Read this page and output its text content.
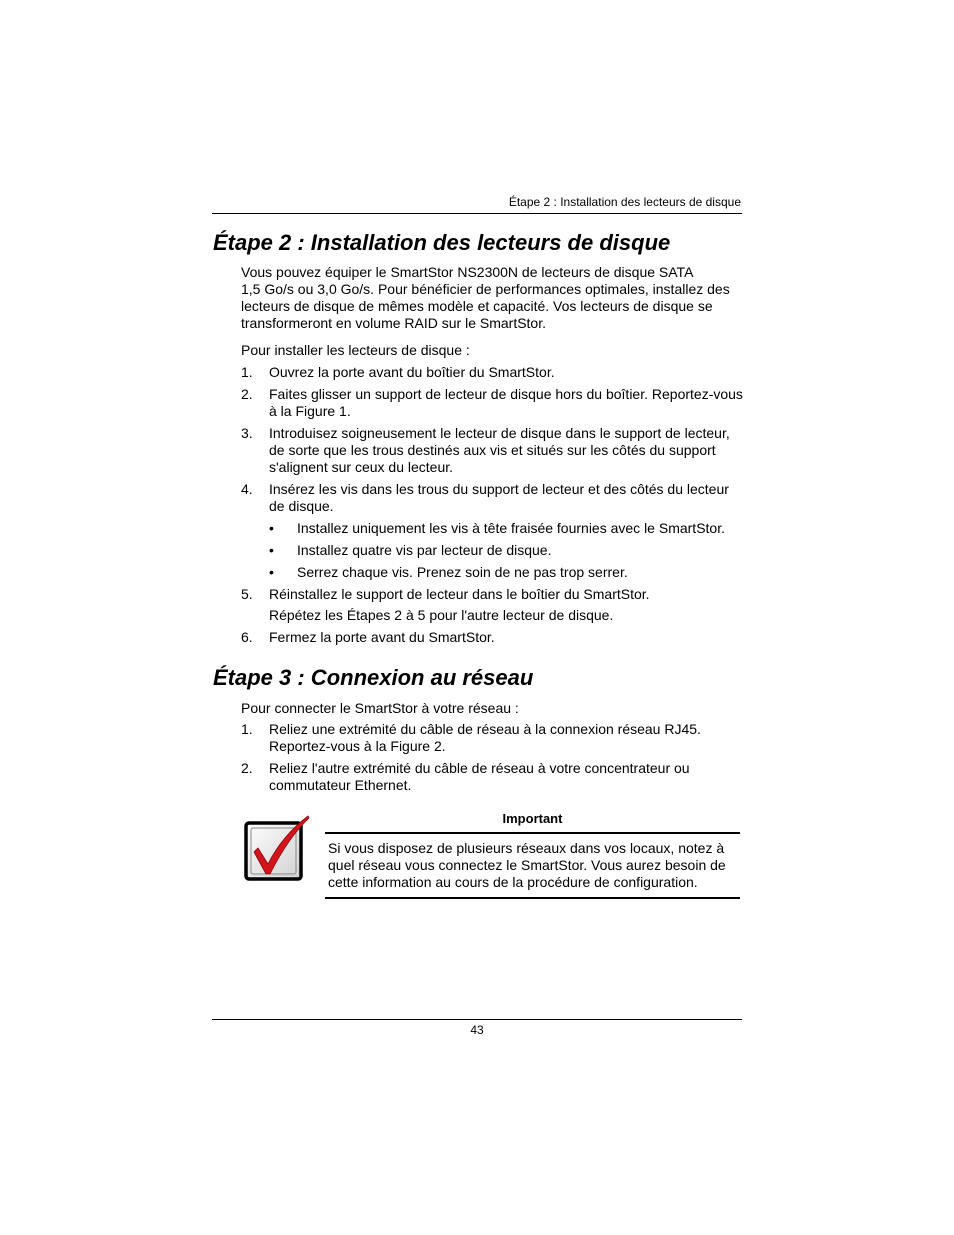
Étape 2 : Installation des lecteurs de disque
Étape 2 : Installation des lecteurs de disque
Vous pouvez équiper le SmartStor NS2300N de lecteurs de disque SATA
1,5 Go/s ou 3,0 Go/s. Pour bénéficier de performances optimales, installez des
lecteurs de disque de mêmes modèle et capacité. Vos lecteurs de disque se
transformeront en volume RAID sur le SmartStor.
Pour installer les lecteurs de disque :
1. Ouvrez la porte avant du boîtier du SmartStor.
2. Faites glisser un support de lecteur de disque hors du boîtier. Reportez-vous
à la Figure 1.
3. Introduisez soigneusement le lecteur de disque dans le support de lecteur,
de sorte que les trous destinés aux vis et situés sur les côtés du support
s'alignent sur ceux du lecteur.
4. Insérez les vis dans les trous du support de lecteur et des côtés du lecteur
de disque.
• Installez uniquement les vis à tête fraisée fournies avec le SmartStor.
• Installez quatre vis par lecteur de disque.
• Serrez chaque vis. Prenez soin de ne pas trop serrer.
5. Réinstallez le support de lecteur dans le boîtier du SmartStor.
Répétez les Étapes 2 à 5 pour l'autre lecteur de disque.
6. Fermez la porte avant du SmartStor.
Étape 3 : Connexion au réseau
Pour connecter le SmartStor à votre réseau :
1. Reliez une extrémité du câble de réseau à la connexion réseau RJ45.
Reportez-vous à la Figure 2.
2. Reliez l'autre extrémité du câble de réseau à votre concentrateur ou
commutateur Ethernet.
Important
Si vous disposez de plusieurs réseaux dans vos locaux, notez à
quel réseau vous connectez le SmartStor. Vous aurez besoin de
cette information au cours de la procédure de configuration.
43
